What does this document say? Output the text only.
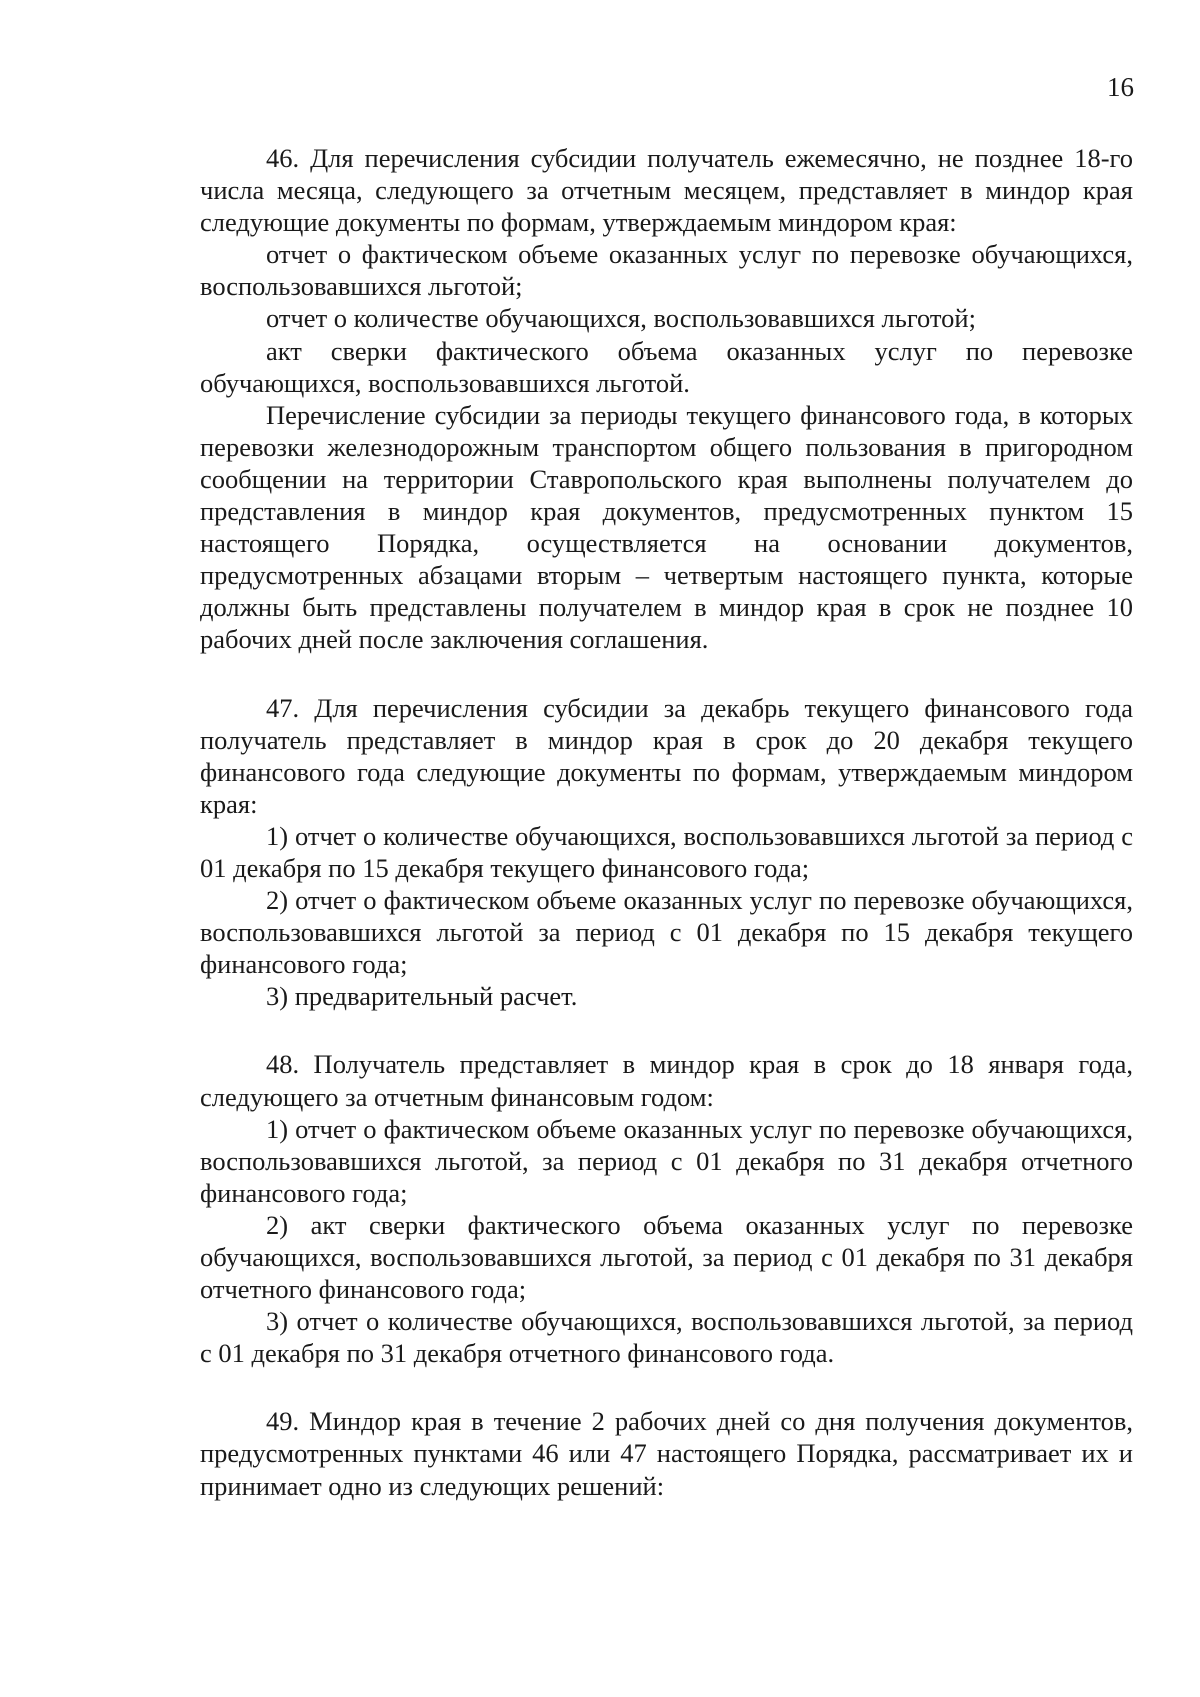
16

46. Для перечисления субсидии получатель ежемесячно, не позднее 18-го числа месяца, следующего за отчетным месяцем, представляет в миндор края следующие документы по формам, утверждаемым миндором края:

отчет о фактическом объеме оказанных услуг по перевозке обучающихся, воспользовавшихся льготой;

отчет о количестве обучающихся, воспользовавшихся льготой;

акт сверки фактического объема оказанных услуг по перевозке обучающихся, воспользовавшихся льготой.

Перечисление субсидии за периоды текущего финансового года, в которых перевозки железнодорожным транспортом общего пользования в пригородном сообщении на территории Ставропольского края выполнены получателем до представления в миндор края документов, предусмотренных пунктом 15 настоящего Порядка, осуществляется на основании документов, предусмотренных абзацами вторым – четвертым настоящего пункта, которые должны быть представлены получателем в миндор края в срок не позднее 10 рабочих дней после заключения соглашения.

47. Для перечисления субсидии за декабрь текущего финансового года получатель представляет в миндор края в срок до 20 декабря текущего финансового года следующие документы по формам, утверждаемым миндором края:

1) отчет о количестве обучающихся, воспользовавшихся льготой за период с 01 декабря по 15 декабря текущего финансового года;

2) отчет о фактическом объеме оказанных услуг по перевозке обучающихся, воспользовавшихся льготой за период с 01 декабря по 15 декабря текущего финансового года;

3) предварительный расчет.

48. Получатель представляет в миндор края в срок до 18 января года, следующего за отчетным финансовым годом:

1) отчет о фактическом объеме оказанных услуг по перевозке обучающихся, воспользовавшихся льготой, за период с 01 декабря по 31 декабря отчетного финансового года;

2) акт сверки фактического объема оказанных услуг по перевозке обучающихся, воспользовавшихся льготой, за период с 01 декабря по 31 декабря отчетного финансового года;

3) отчет о количестве обучающихся, воспользовавшихся льготой, за период с 01 декабря по 31 декабря отчетного финансового года.

49. Миндор края в течение 2 рабочих дней со дня получения документов, предусмотренных пунктами 46 или 47 настоящего Порядка, рассматривает их и принимает одно из следующих решений:
